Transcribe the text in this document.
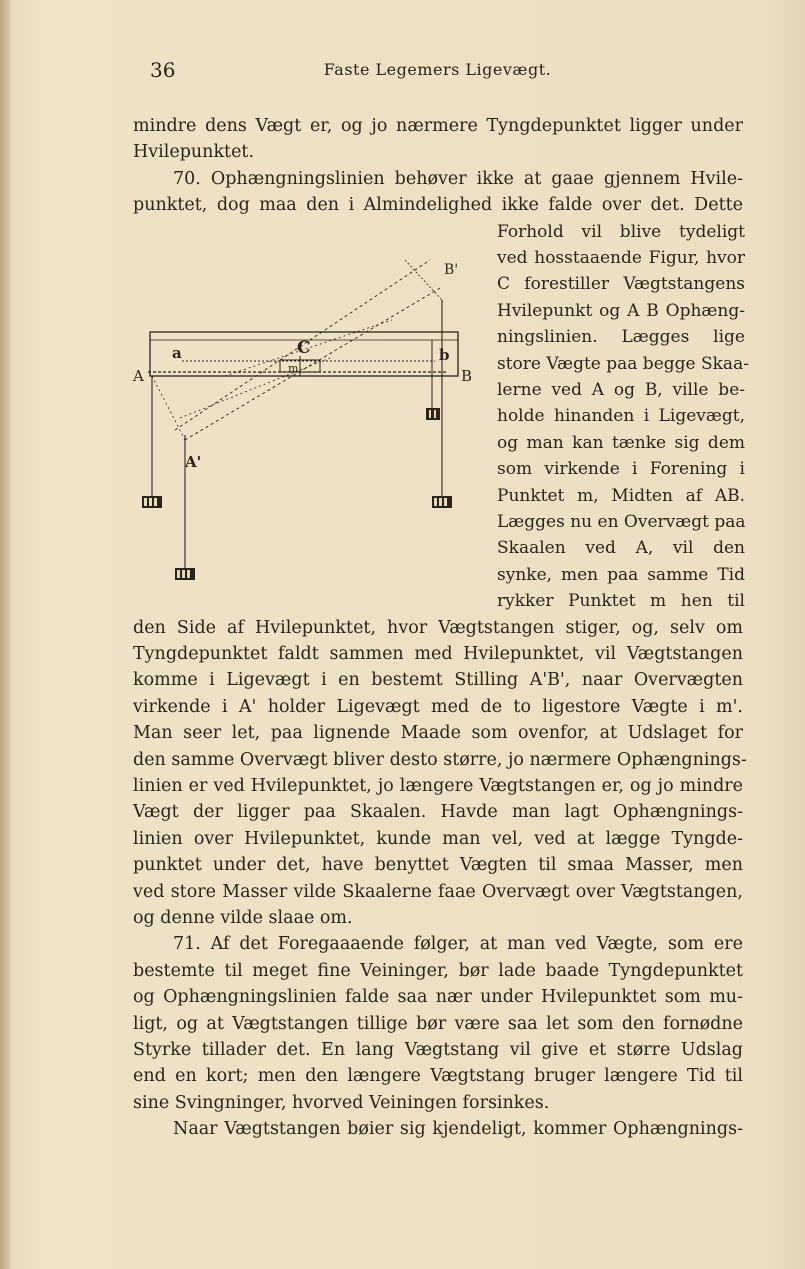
36	Faste Legemers Ligevægt.
A	B
a	b
C
m
A'
B'
mindre dens Vægt er, og jo nærmere Tyngdepunktet ligger under
Hvilepunktet.
70. Ophængningslinien behøver ikke at gaae gjennem Hvile-
punktet, dog maa den i Almindelighed ikke falde over det. Dette
Forhold vil blive tydeligt
ved hosstaaende Figur, hvor
C forestiller Vægtstangens
Hvilepunkt og A B Ophæng-
ningslinien. Lægges lige
store Vægte paa begge Skaa-
lerne ved A og B, ville be-
holde hinanden i Ligevægt,
og man kan tænke sig dem
som virkende i Forening i
Punktet m, Midten af AB.
Lægges nu en Overvægt paa
Skaalen ved A, vil den
synke, men paa samme Tid
rykker Punktet m hen til
den Side af Hvilepunktet, hvor Vægtstangen stiger, og, selv om
Tyngdepunktet faldt sammen med Hvilepunktet, vil Vægtstangen
komme i Ligevægt i en bestemt Stilling A'B', naar Overvægten
virkende i A' holder Ligevægt med de to ligestore Vægte i m'.
Man seer let, paa lignende Maade som ovenfor, at Udslaget for
den samme Overvægt bliver desto større, jo nærmere Ophængnings-
linien er ved Hvilepunktet, jo længere Vægtstangen er, og jo mindre
Vægt der ligger paa Skaalen. Havde man lagt Ophængnings-
linien over Hvilepunktet, kunde man vel, ved at lægge Tyngde-
punktet under det, have benyttet Vægten til smaa Masser, men
ved store Masser vilde Skaalerne faae Overvægt over Vægtstangen,
og denne vilde slaae om.
71. Af det Foregaaaende følger, at man ved Vægte, som ere
bestemte til meget fine Veininger, bør lade baade Tyngdepunktet
og Ophængningslinien falde saa nær under Hvilepunktet som mu-
ligt, og at Vægtstangen tillige bør være saa let som den fornødne
Styrke tillader det. En lang Vægtstang vil give et større Udslag
end en kort; men den længere Vægtstang bruger længere Tid til
sine Svingninger, hvorved Veiningen forsinkes.
Naar Vægtstangen bøier sig kjendeligt, kommer Ophængnings-
